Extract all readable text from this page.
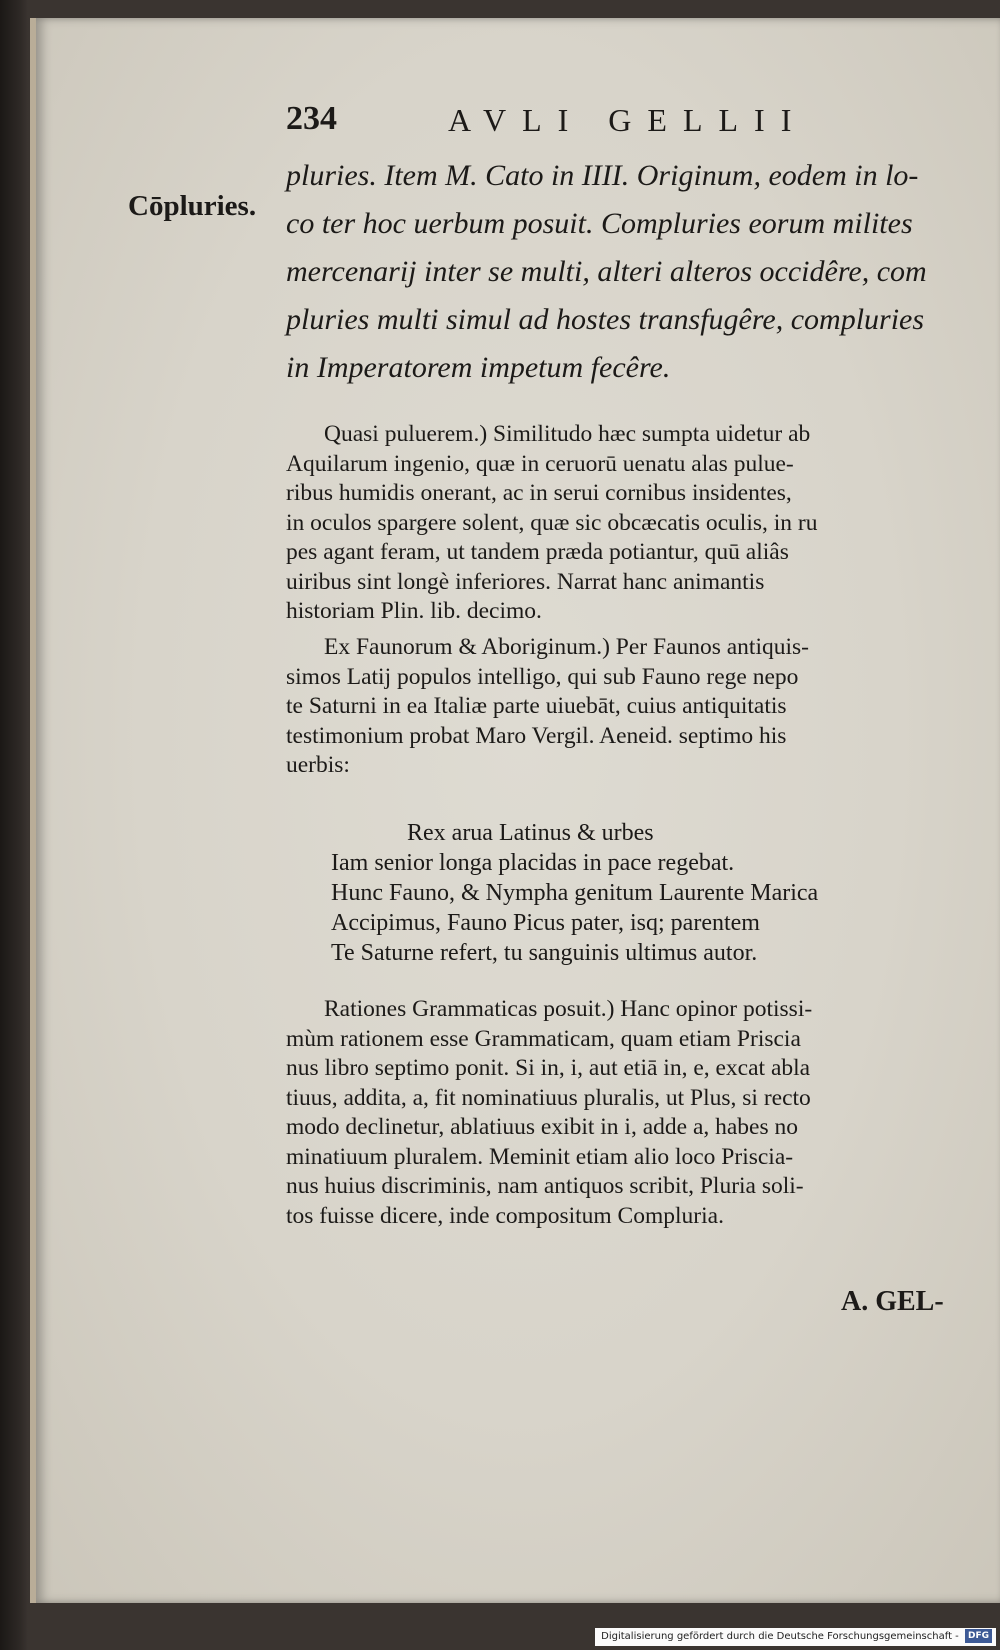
234	AVLI GELLII
Cōpluries.
pluries. Item M. Cato in IIII. Originum, eodem in lo-
co ter hoc uerbum posuit. Compluries eorum milites
mercenarij inter se multi, alteri alteros occidêre, com
pluries multi simul ad hostes transfugêre, compluries
in Imperatorem impetum fecêre.
Quasi puluerem.) Similitudo hæc sumpta uidetur ab
Aquilarum ingenio, quæ in ceruorū uenatu alas pulue-
ribus humidis onerant, ac in serui cornibus insidentes,
in oculos spargere solent, quæ sic obcæcatis oculis, in ru
pes agant feram, ut tandem præda potiantur, quū aliâs
uiribus sint longè inferiores. Narrat hanc animantis
historiam Plin. lib. decimo.
Ex Faunorum & Aboriginum.) Per Faunos antiquis-
simos Latij populos intelligo, qui sub Fauno rege nepo
te Saturni in ea Italiæ parte uiuebāt, cuius antiquitatis
testimonium probat Maro Vergil. Aeneid. septimo his
uerbis:
Rex arua Latinus & urbes
Iam senior longa placidas in pace regebat.
Hunc Fauno, & Nympha genitum Laurente Marica
Accipimus, Fauno Picus pater, isq; parentem
Te Saturne refert, tu sanguinis ultimus autor.
Rationes Grammaticas posuit.) Hanc opinor potissi-
mùm rationem esse Grammaticam, quam etiam Priscia
nus libro septimo ponit. Si in, i, aut etiā in, e, excat abla
tiuus, addita, a, fit nominatiuus pluralis, ut Plus, si recto
modo declinetur, ablatiuus exibit in i, adde a, habes no
minatiuum pluralem. Meminit etiam alio loco Priscia-
nus huius discriminis, nam antiquos scribit, Pluria soli-
tos fuisse dicere, inde compositum Compluria.
A. GEL-
Digitalisierung gefördert durch die Deutsche Forschungsgemeinschaft - DFG
